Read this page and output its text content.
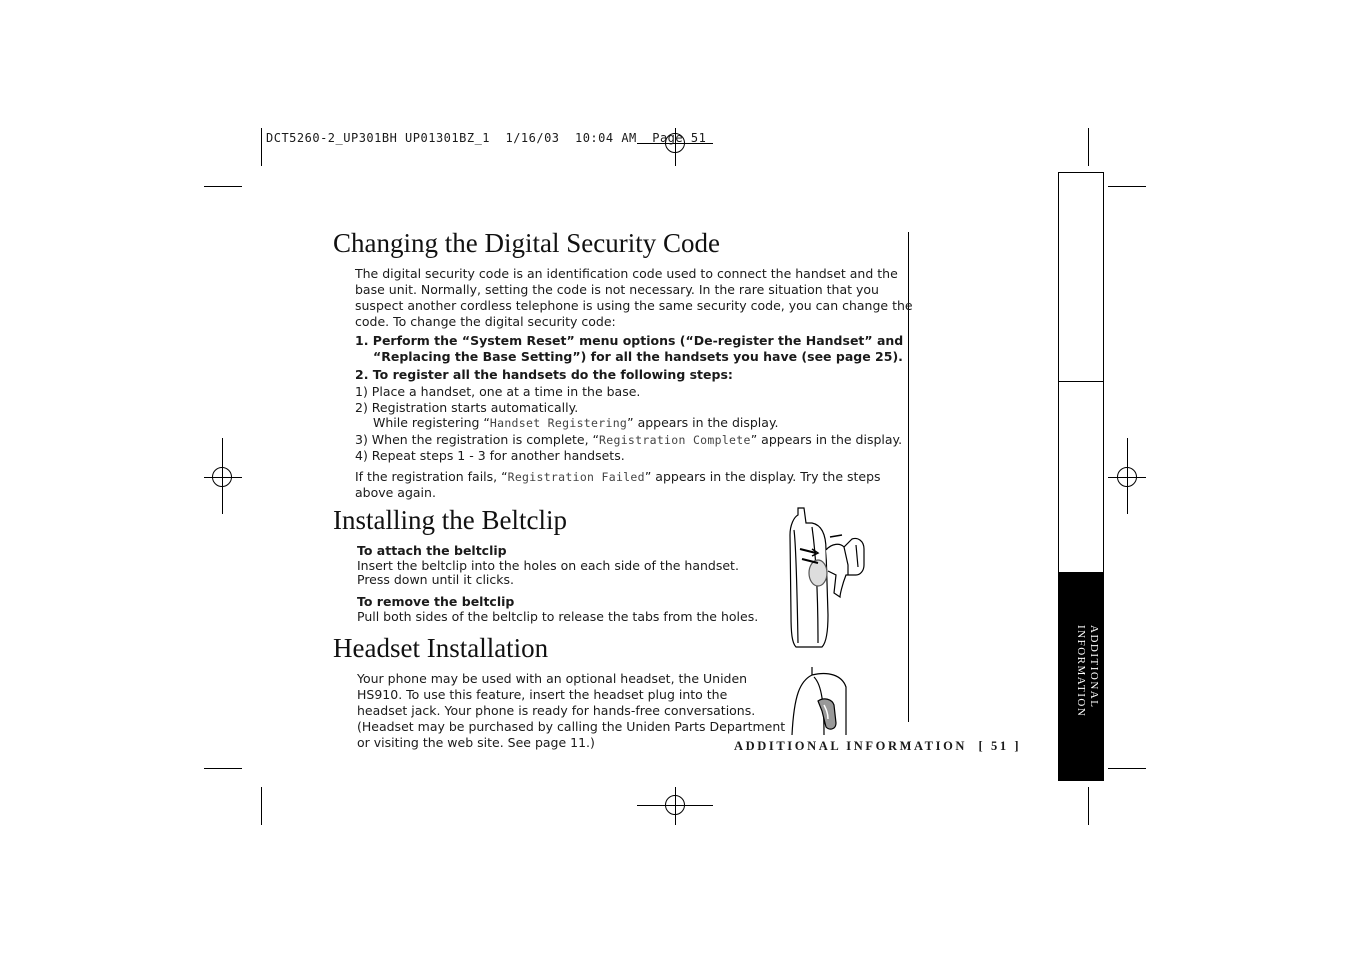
DCT5260-2_UP301BH UP01301BZ_1  1/16/03  10:04 AM  Page 51
ADDITIONAL
INFORMATION
Changing the Digital Security Code
The digital security code is an identification code used to connect the handset and the
base unit. Normally, setting the code is not necessary. In the rare situation that you
suspect another cordless telephone is using the same security code, you can change the
code. To change the digital security code:
1. Perform the “System Reset” menu options (“De-register the Handset” and
“Replacing the Base Setting”) for all the handsets you have (see page 25).
2. To register all the handsets do the following steps:
1) Place a handset, one at a time in the base.
2) Registration starts automatically.
While registering “Handset Registering” appears in the display.
3) When the registration is complete, “Registration Complete” appears in the display.
4) Repeat steps 1 - 3 for another handsets.
If the registration fails, “Registration Failed” appears in the display. Try the steps
above again.
Installing the Beltclip
To attach the beltclip
Insert the beltclip into the holes on each side of the handset.
Press down until it clicks.
To remove the beltclip
Pull both sides of the beltclip to release the tabs from the holes.
Headset Installation
Your phone may be used with an optional headset, the Uniden
HS910. To use this feature, insert the headset plug into the
headset jack. Your phone is ready for hands-free conversations.
(Headset may be purchased by calling the Uniden Parts Department
or visiting the web site. See page 11.)	ADDITIONAL INFORMATION [ 51 ]
